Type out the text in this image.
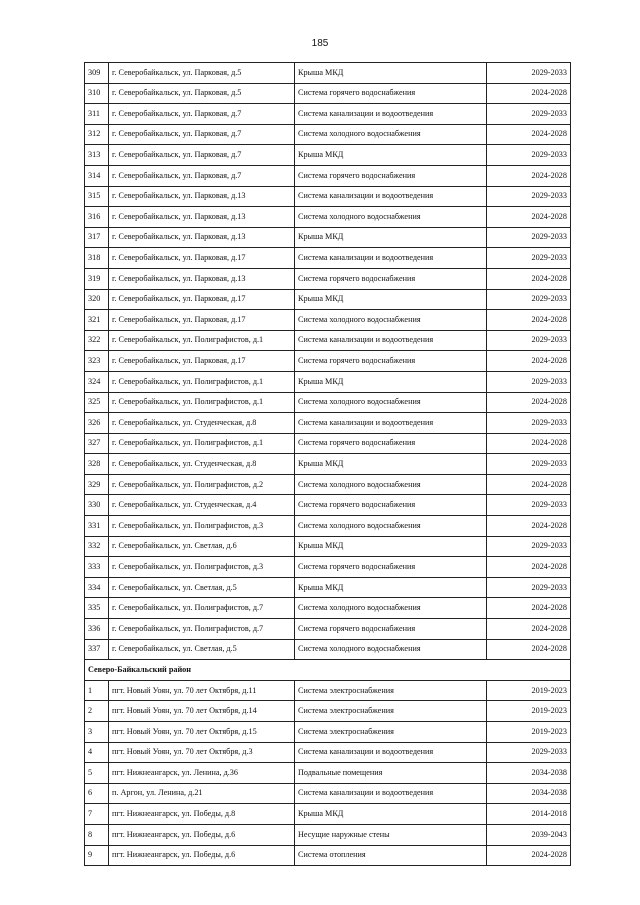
185
309	г. Северобайкальск, ул. Парковая, д.5	Крыша МКД	2029-2033
310	г. Северобайкальск, ул. Парковая, д.5	Система горячего водоснабжения	2024-2028
311	г. Северобайкальск, ул. Парковая, д.7	Система канализации и водоотведения	2029-2033
312	г. Северобайкальск, ул. Парковая, д.7	Система холодного водоснабжения	2024-2028
313	г. Северобайкальск, ул. Парковая, д.7	Крыша МКД	2029-2033
314	г. Северобайкальск, ул. Парковая, д.7	Система горячего водоснабжения	2024-2028
315	г. Северобайкальск, ул. Парковая, д.13	Система канализации и водоотведения	2029-2033
316	г. Северобайкальск, ул. Парковая, д.13	Система холодного водоснабжения	2024-2028
317	г. Северобайкальск, ул. Парковая, д.13	Крыша МКД	2029-2033
318	г. Северобайкальск, ул. Парковая, д.17	Система канализации и водоотведения	2029-2033
319	г. Северобайкальск, ул. Парковая, д.13	Система горячего водоснабжения	2024-2028
320	г. Северобайкальск, ул. Парковая, д.17	Крыша МКД	2029-2033
321	г. Северобайкальск, ул. Парковая, д.17	Система холодного водоснабжения	2024-2028
322	г. Северобайкальск, ул. Полиграфистов, д.1	Система канализации и водоотведения	2029-2033
323	г. Северобайкальск, ул. Парковая, д.17	Система горячего водоснабжения	2024-2028
324	г. Северобайкальск, ул. Полиграфистов, д.1	Крыша МКД	2029-2033
325	г. Северобайкальск, ул. Полиграфистов, д.1	Система холодного водоснабжения	2024-2028
326	г. Северобайкальск, ул. Студенческая, д.8	Система канализации и водоотведения	2029-2033
327	г. Северобайкальск, ул. Полиграфистов, д.1	Система горячего водоснабжения	2024-2028
328	г. Северобайкальск, ул. Студенческая, д.8	Крыша МКД	2029-2033
329	г. Северобайкальск, ул. Полиграфистов, д.2	Система холодного водоснабжения	2024-2028
330	г. Северобайкальск, ул. Студенческая, д.4	Система горячего водоснабжения	2029-2033
331	г. Северобайкальск, ул. Полиграфистов, д.3	Система холодного водоснабжения	2024-2028
332	г. Северобайкальск, ул. Светлая, д.6	Крыша МКД	2029-2033
333	г. Северобайкальск, ул. Полиграфистов, д.3	Система горячего водоснабжения	2024-2028
334	г. Северобайкальск, ул. Светлая, д.5	Крыша МКД	2029-2033
335	г. Северобайкальск, ул. Полиграфистов, д.7	Система холодного водоснабжения	2024-2028
336	г. Северобайкальск, ул. Полиграфистов, д.7	Система горячего водоснабжения	2024-2028
337	г. Северобайкальск, ул. Светлая, д.5	Система холодного водоснабжения	2024-2028
Северо-Байкальский район			
1	пгт. Новый Уоян, ул. 70 лет Октября, д.11	Система электроснабжения	2019-2023
2	пгт. Новый Уоян, ул. 70 лет Октября, д.14	Система электроснабжения	2019-2023
3	пгт. Новый Уоян, ул. 70 лет Октября, д.15	Система электроснабжения	2019-2023
4	пгт. Новый Уоян, ул. 70 лет Октября, д.3	Система канализации и водоотведения	2029-2033
5	пгт. Нижнеангарск, ул. Ленина, д.36	Подвальные помещения	2034-2038
6	п. Аргон, ул. Ленина, д.21	Система канализации и водоотведения	2034-2038
7	пгт. Нижнеангарск, ул. Победы, д.8	Крыша МКД	2014-2018
8	пгт. Нижнеангарск, ул. Победы, д.6	Несущие наружные стены	2039-2043
9	пгт. Нижнеангарск, ул. Победы, д.6	Система отопления	2024-2028
